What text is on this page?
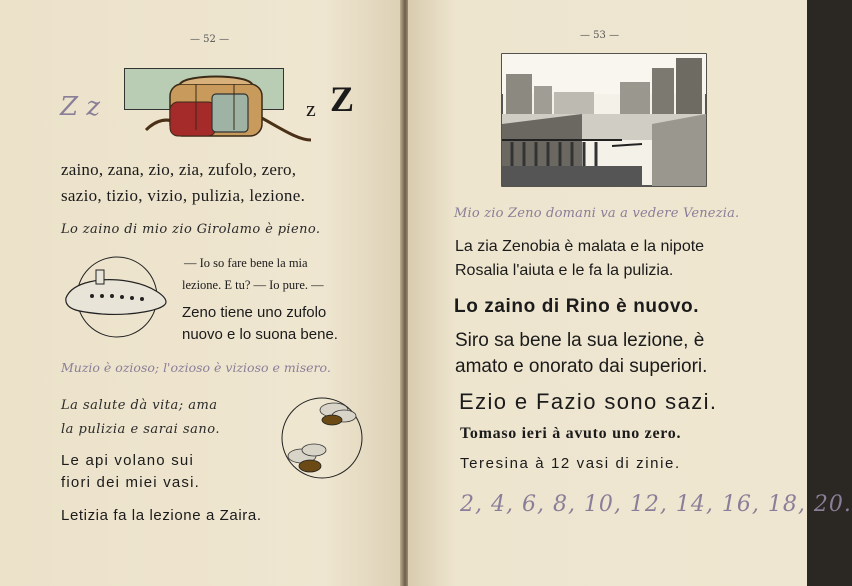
— 52 —

Z z	z Z

zaino, zana, zio, zia, zufolo, zero,

sazio, tizio, vizio, pulizia, lezione.

Lo zaino di mio zio Girolamo è pieno.

— Io so fare bene la mia

lezione. E tu? — Io pure. —

Zeno tiene uno zufolo

nuovo e lo suona bene.

Muzio è ozioso; l'ozioso è vizioso e misero.

La salute dà vita; ama

la pulizia e sarai sano.

Le api volano sui

fiori dei miei vasi.

Letizia fa la lezione a Zaira.

— 53 —

Mio zio Zeno domani va a vedere Venezia.

La zia Zenobia è malata e la nipote

Rosalia l'aiuta e le fa la pulizia.

Lo zaino di Rino è nuovo.

Siro sa bene la sua lezione, è

amato e onorato dai superiori.

Ezio e Fazio sono sazi.

Tomaso ieri à avuto uno zero.

Teresina à 12 vasi di zinie.

2, 4, 6, 8, 10, 12, 14, 16, 18, 20.
